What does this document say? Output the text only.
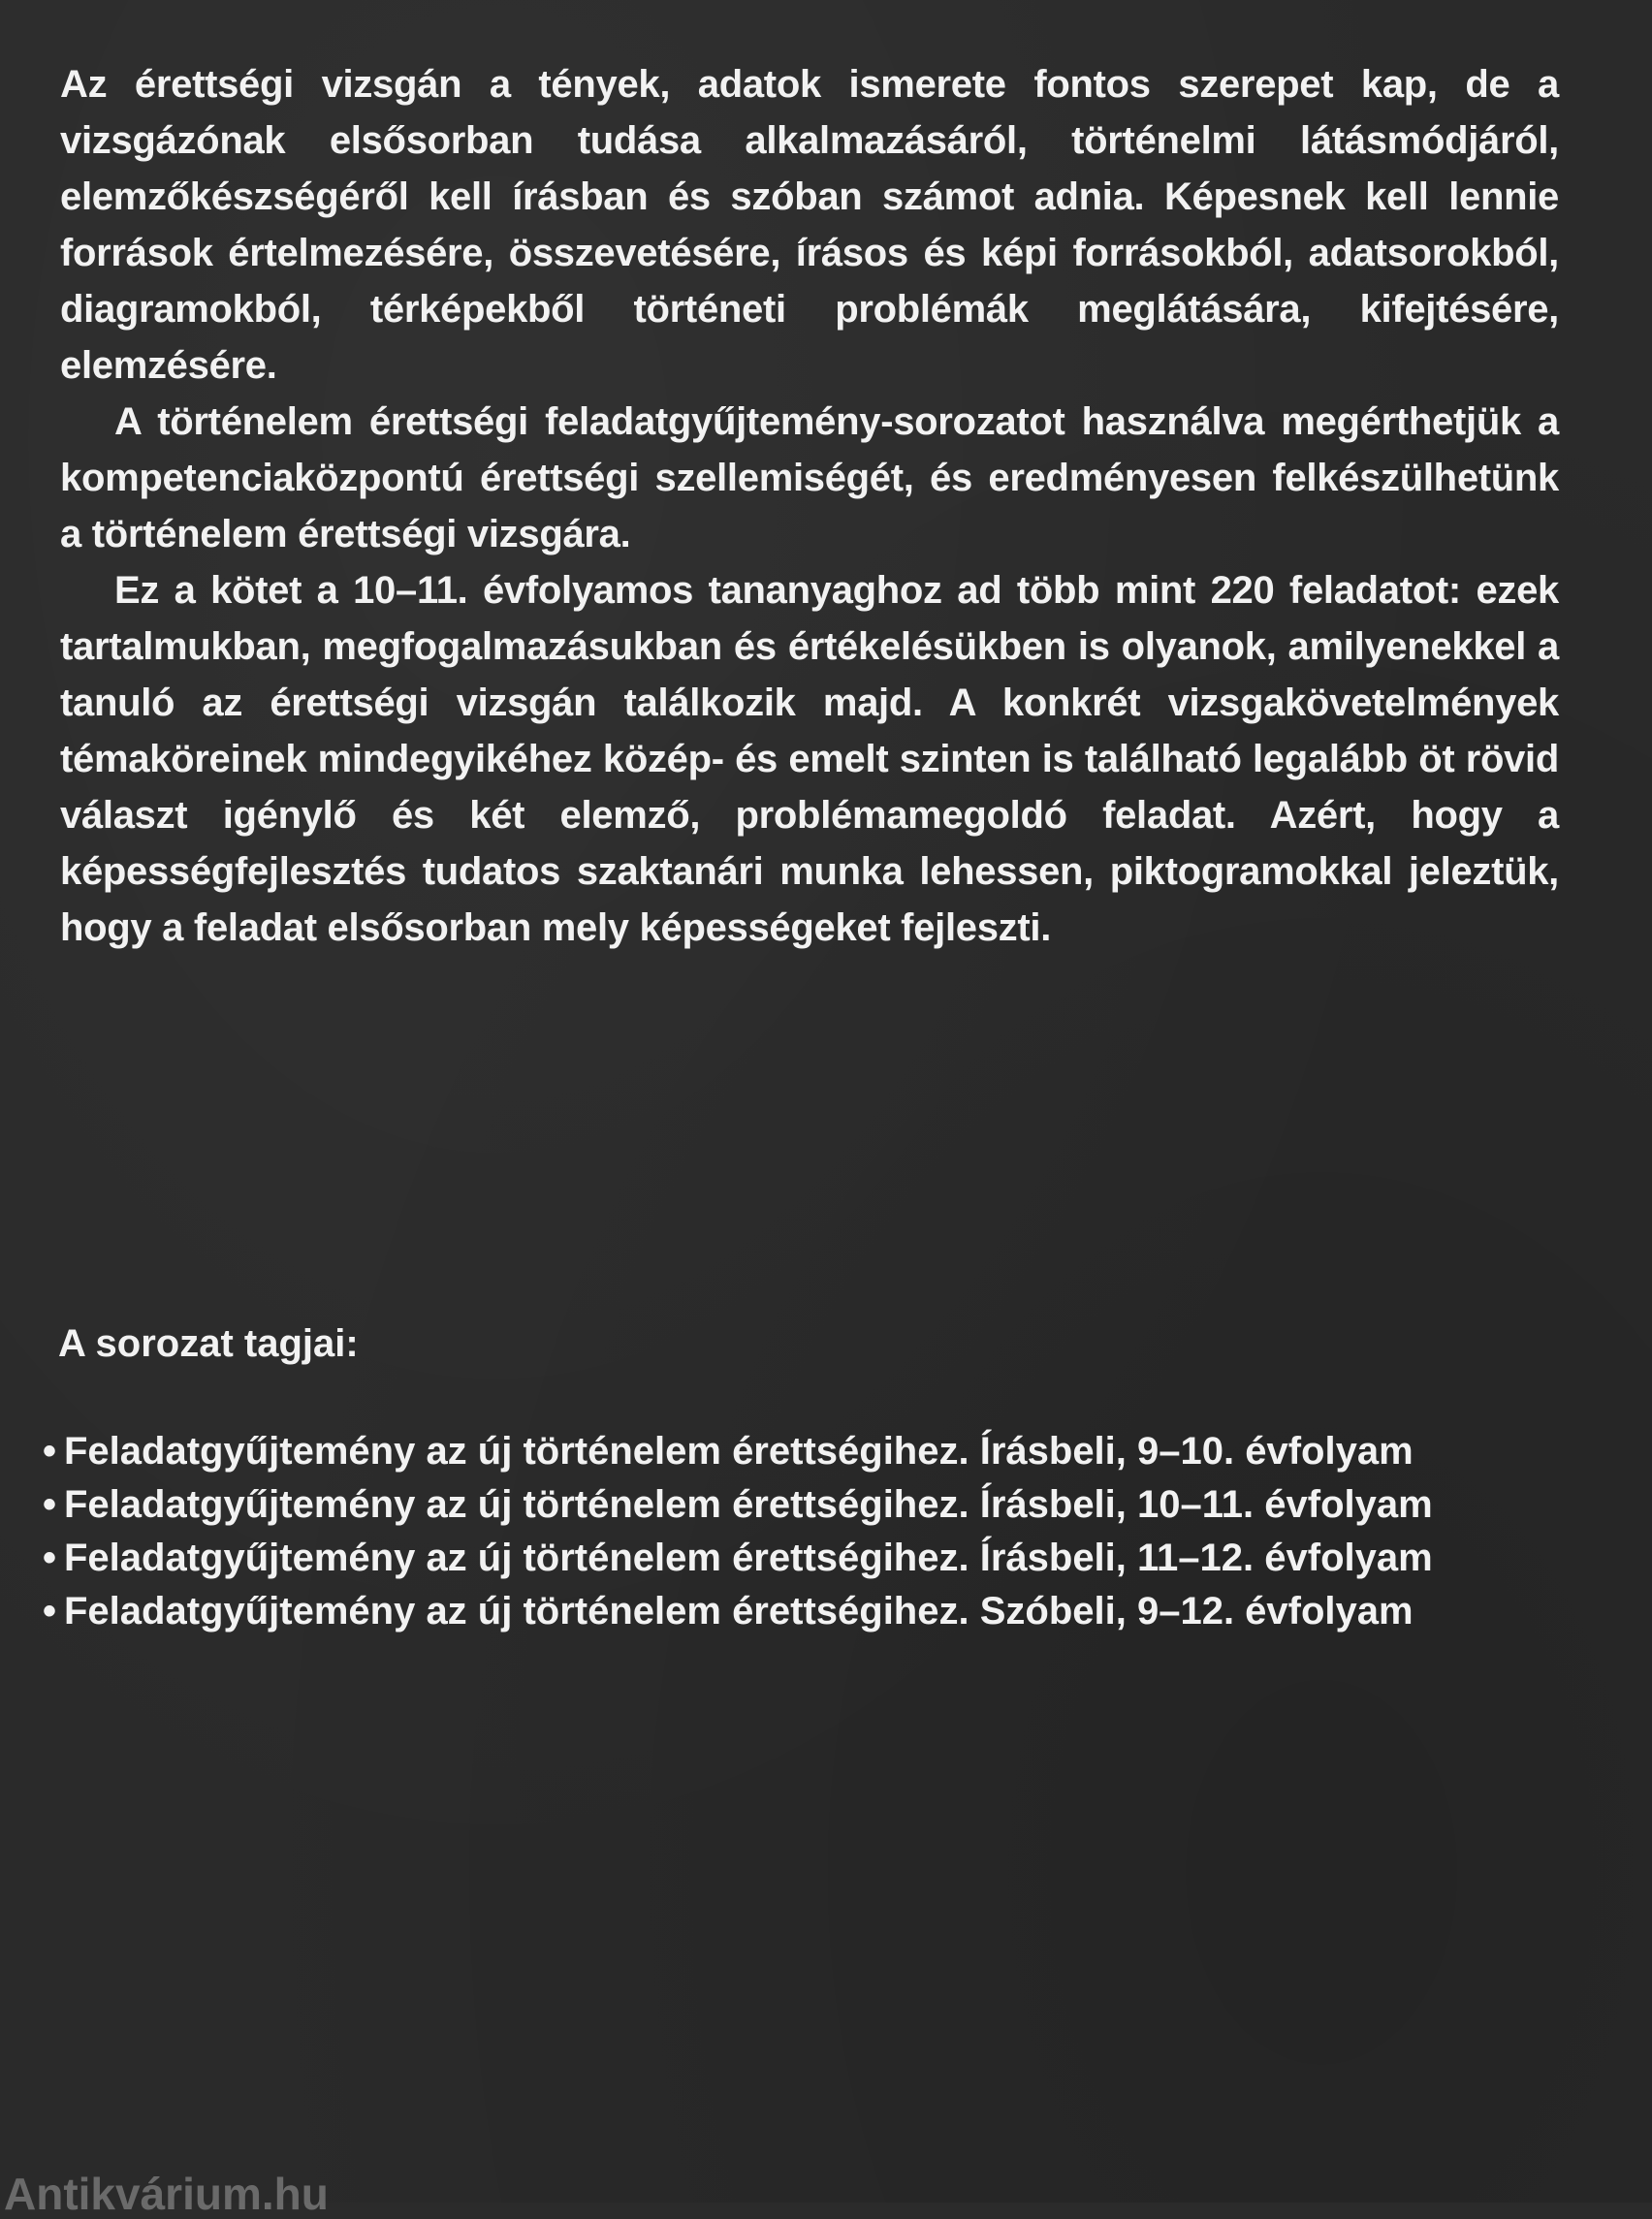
Az érettségi vizsgán a tények, adatok ismerete fontos szerepet kap, de a vizsgázónak elsősorban tudása alkalmazásáról, történelmi látásmódjáról, elemzőkészségéről kell írásban és szóban számot adnia. Képesnek kell lennie források értelmezésére, összevetésére, írásos és képi forrásokból, adatsorokból, diagramokból, térképekből történeti problémák meglátására, kifejtésére, elemzésére.

A történelem érettségi feladatgyűjtemény-sorozatot használva megérthetjük a kompetenciaközpontú érettségi szellemiségét, és eredményesen felkészülhetünk a történelem érettségi vizsgára.

Ez a kötet a 10–11. évfolyamos tananyaghoz ad több mint 220 feladatot: ezek tartalmukban, megfogalmazásukban és értékelésükben is olyanok, amilyenekkel a tanuló az érettségi vizsgán találkozik majd. A konkrét vizsgakövetelmények témaköreinek mindegyikéhez közép- és emelt szinten is található legalább öt rövid választ igénylő és két elemző, problémamegoldó feladat. Azért, hogy a képességfejlesztés tudatos szaktanári munka lehessen, piktogramokkal jeleztük, hogy a feladat elsősorban mely képességeket fejleszti.

A sorozat tagjai:
• Feladatgyűjtemény az új történelem érettségihez. Írásbeli, 9–10. évfolyam
• Feladatgyűjtemény az új történelem érettségihez. Írásbeli, 10–11. évfolyam
• Feladatgyűjtemény az új történelem érettségihez. Írásbeli, 11–12. évfolyam
• Feladatgyűjtemény az új történelem érettségihez. Szóbeli, 9–12. évfolyam
Antikvárium.hu
